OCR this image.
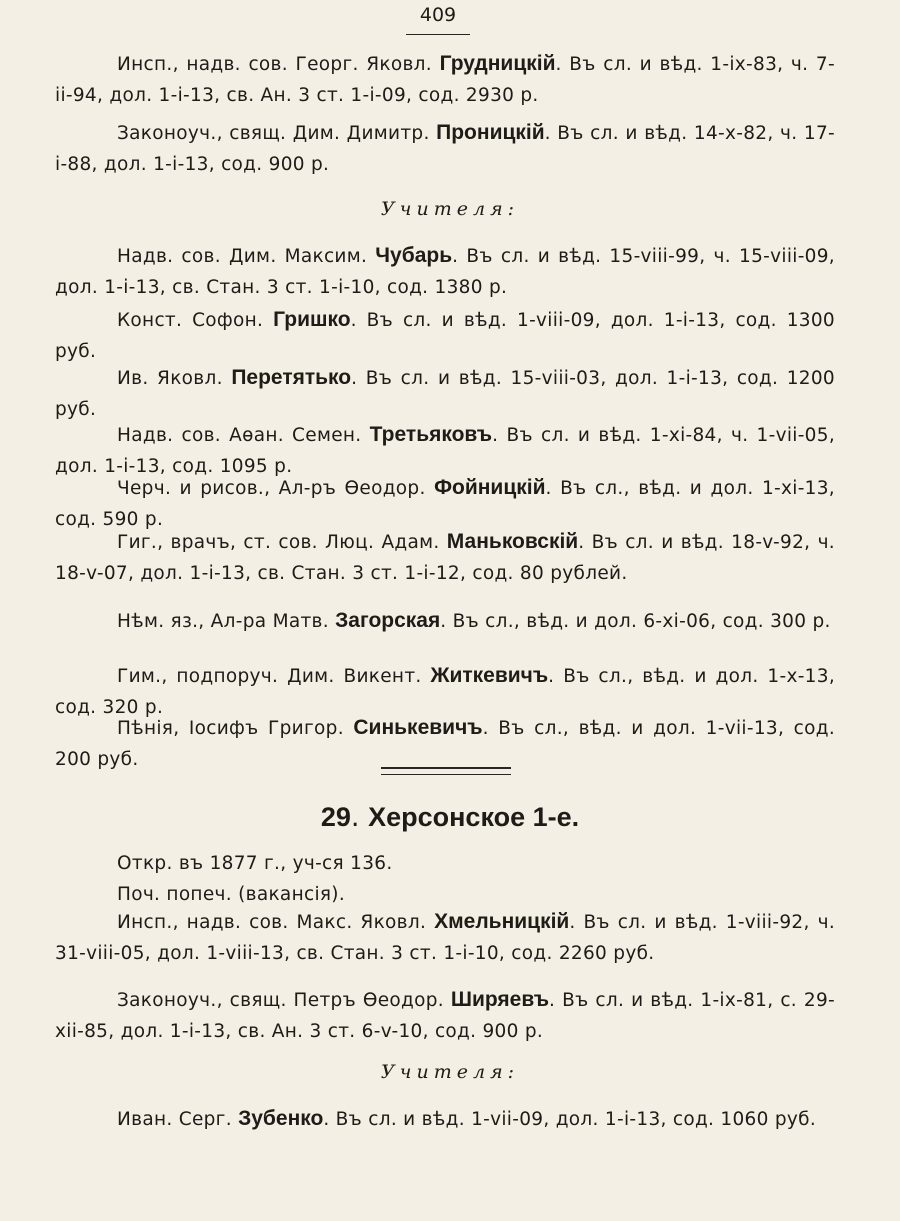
409

Инсп., надв. сов. Георг. Яковл. Грудницкій. Въ сл. и вѣд. 1-ix-83, ч. 7-ii-94, дол. 1-i-13, св. Ан. 3 ст. 1-i-09, сод. 2930 р.

Законоуч., свящ. Дим. Димитр. Проницкій. Въ сл. и вѣд. 14-x-82, ч. 17-i-88, дол. 1-i-13, сод. 900 р.

Учителя:

Надв. сов. Дим. Максим. Чубарь. Въ сл. и вѣд. 15-viii-99, ч. 15-viii-09, дол. 1-i-13, св. Стан. 3 ст. 1-i-10, сод. 1380 р.

Конст. Софон. Гришко. Въ сл. и вѣд. 1-viii-09, дол. 1-i-13, сод. 1300 руб.

Ив. Яковл. Перетятько. Въ сл. и вѣд. 15-viii-03, дол. 1-i-13, сод. 1200 руб.

Надв. сов. Аѳан. Семен. Третьяковъ. Въ сл. и вѣд. 1-xi-84, ч. 1-vii-05, дол. 1-i-13, сод. 1095 р.

Черч. и рисов., Ал-ръ Ѳеодор. Фойницкій. Въ сл., вѣд. и дол. 1-xi-13, сод. 590 р.

Гиг., врачъ, ст. сов. Люц. Адам. Маньковскій. Въ сл. и вѣд. 18-v-92, ч. 18-v-07, дол. 1-i-13, св. Стан. 3 ст. 1-i-12, сод. 80 рублей.

Нѣм. яз., Ал-ра Матв. Загорская. Въ сл., вѣд. и дол. 6-xi-06, сод. 300 р.

Гим., подпоруч. Дим. Викент. Житкевичъ. Въ сл., вѣд. и дол. 1-x-13, сод. 320 р.

Пѣнія, Іосифъ Григор. Синькевичъ. Въ сл., вѣд. и дол. 1-vii-13, сод. 200 руб.

29. Херсонское 1-е.
Откр. въ 1877 г., уч-ся 136.
Поч. попеч. (ваканcія).

Инсп., надв. сов. Макс. Яковл. Хмельницкій. Въ сл. и вѣд. 1-viii-92, ч. 31-viii-05, дол. 1-viii-13, св. Стан. 3 ст. 1-i-10, сод. 2260 руб.

Законоуч., свящ. Петръ Ѳеодор. Ширяевъ. Въ сл. и вѣд. 1-ix-81, с. 29-xii-85, дол. 1-i-13, св. Ан. 3 ст. 6-v-10, сод. 900 р.

Учителя:

Иван. Серг. Зубенко. Въ сл. и вѣд. 1-vii-09, дол. 1-i-13, сод. 1060 руб.
